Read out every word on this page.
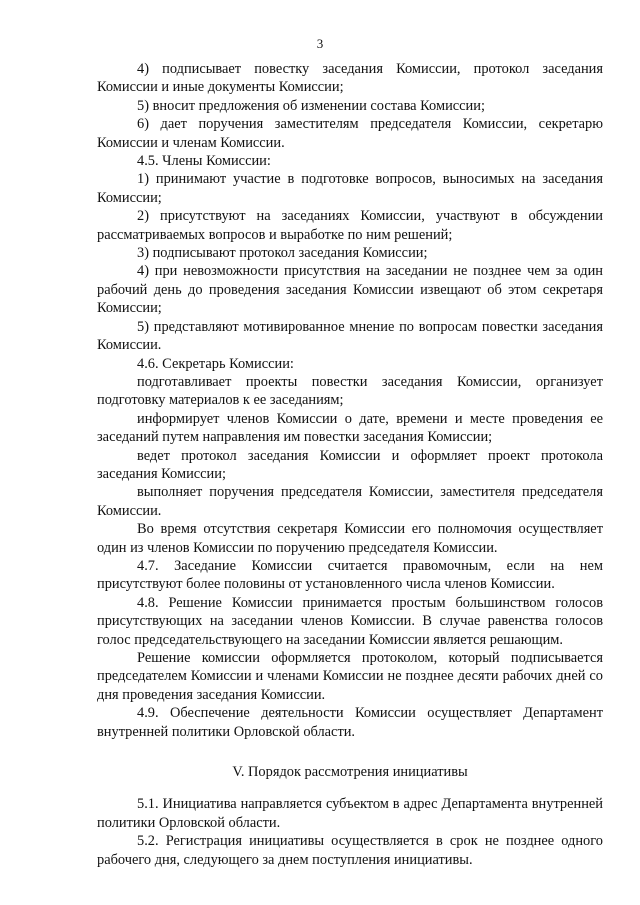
3

4) подписывает повестку заседания Комиссии, протокол заседания Комиссии и иные документы Комиссии;

5) вносит предложения об изменении состава Комиссии;

6) дает поручения заместителям председателя Комиссии, секретарю Комиссии и членам Комиссии.

4.5. Члены Комиссии:

1) принимают участие в подготовке вопросов, выносимых на заседания Комиссии;

2) присутствуют на заседаниях Комиссии, участвуют в обсуждении рассматриваемых вопросов и выработке по ним решений;

3) подписывают протокол заседания Комиссии;

4) при невозможности присутствия на заседании не позднее чем за один рабочий день до проведения заседания Комиссии извещают об этом секретаря Комиссии;

5) представляют мотивированное мнение по вопросам повестки заседания Комиссии.

4.6. Секретарь Комиссии:

подготавливает проекты повестки заседания Комиссии, организует подготовку материалов к ее заседаниям;

информирует членов Комиссии о дате, времени и месте проведения ее заседаний путем направления им повестки заседания Комиссии;

ведет протокол заседания Комиссии и оформляет проект протокола заседания Комиссии;

выполняет поручения председателя Комиссии, заместителя председателя Комиссии.

Во время отсутствия секретаря Комиссии его полномочия осуществляет один из членов Комиссии по поручению председателя Комиссии.

4.7. Заседание Комиссии считается правомочным, если на нем присутствуют более половины от установленного числа членов Комиссии.

4.8. Решение Комиссии принимается простым большинством голосов присутствующих на заседании членов Комиссии. В случае равенства голосов голос председательствующего на заседании Комиссии является решающим.

Решение комиссии оформляется протоколом, который подписывается председателем Комиссии и членами Комиссии не позднее десяти рабочих дней со дня проведения заседания Комиссии.

4.9. Обеспечение деятельности Комиссии осуществляет Департамент внутренней политики Орловской области.

V. Порядок рассмотрения инициативы

5.1. Инициатива направляется субъектом в адрес Департамента внутренней политики Орловской области.

5.2. Регистрация инициативы осуществляется в срок не позднее одного рабочего дня, следующего за днем поступления инициативы.
